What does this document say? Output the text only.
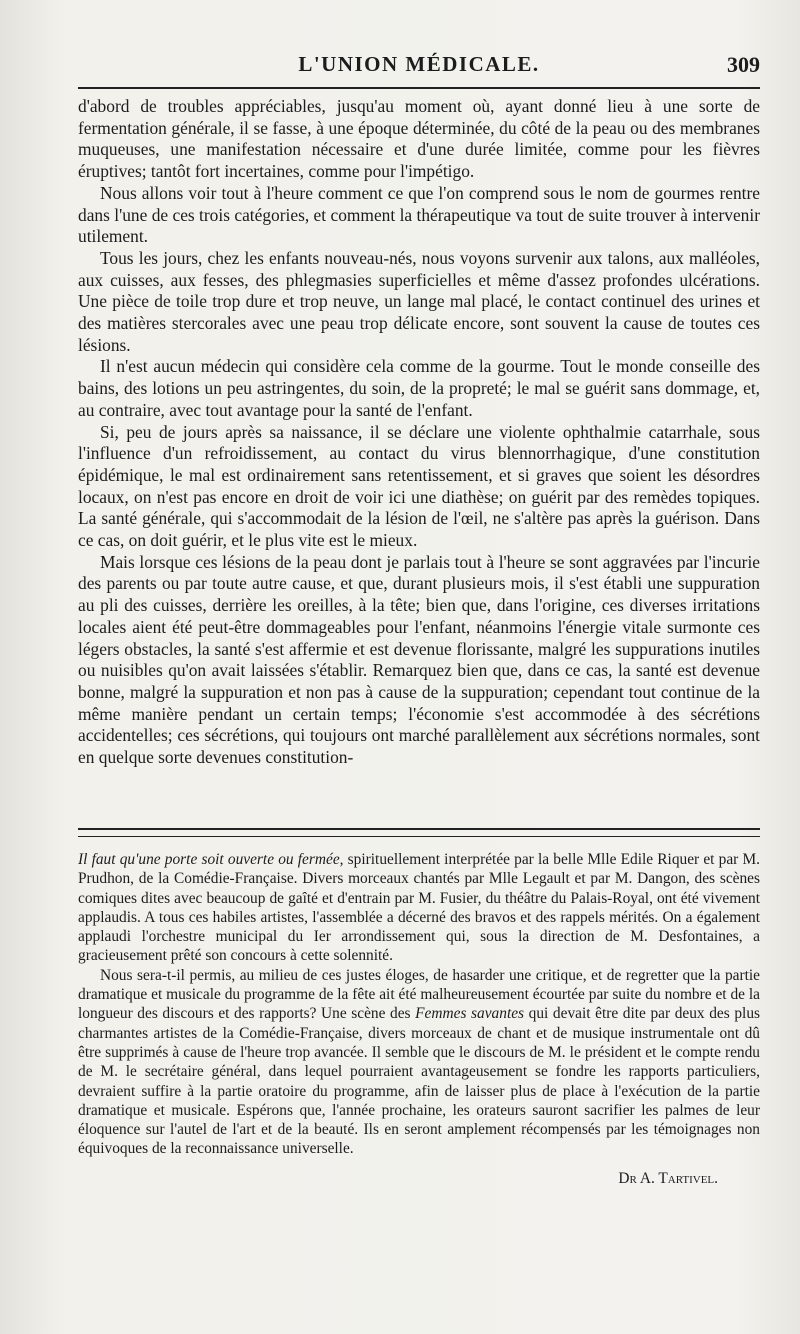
L'UNION MÉDICALE.	309

d'abord de troubles appréciables, jusqu'au moment où, ayant donné lieu à une sorte de fermentation générale, il se fasse, à une époque déterminée, du côté de la peau ou des membranes muqueuses, une manifestation nécessaire et d'une durée limitée, comme pour les fièvres éruptives; tantôt fort incertaines, comme pour l'impétigo.

Nous allons voir tout à l'heure comment ce que l'on comprend sous le nom de gourmes rentre dans l'une de ces trois catégories, et comment la thérapeutique va tout de suite trouver à intervenir utilement.

Tous les jours, chez les enfants nouveau-nés, nous voyons survenir aux talons, aux malléoles, aux cuisses, aux fesses, des phlegmasies superficielles et même d'assez profondes ulcérations. Une pièce de toile trop dure et trop neuve, un lange mal placé, le contact continuel des urines et des matières stercorales avec une peau trop délicate encore, sont souvent la cause de toutes ces lésions.

Il n'est aucun médecin qui considère cela comme de la gourme. Tout le monde conseille des bains, des lotions un peu astringentes, du soin, de la propreté; le mal se guérit sans dommage, et, au contraire, avec tout avantage pour la santé de l'enfant.

Si, peu de jours après sa naissance, il se déclare une violente ophthalmie catarrhale, sous l'influence d'un refroidissement, au contact du virus blennorrhagique, d'une constitution épidémique, le mal est ordinairement sans retentissement, et si graves que soient les désordres locaux, on n'est pas encore en droit de voir ici une diathèse; on guérit par des remèdes topiques. La santé générale, qui s'accommodait de la lésion de l'œil, ne s'altère pas après la guérison. Dans ce cas, on doit guérir, et le plus vite est le mieux.

Mais lorsque ces lésions de la peau dont je parlais tout à l'heure se sont aggravées par l'incurie des parents ou par toute autre cause, et que, durant plusieurs mois, il s'est établi une suppuration au pli des cuisses, derrière les oreilles, à la tête; bien que, dans l'origine, ces diverses irritations locales aient été peut-être dommageables pour l'enfant, néanmoins l'énergie vitale surmonte ces légers obstacles, la santé s'est affermie et est devenue florissante, malgré les suppurations inutiles ou nuisibles qu'on avait laissées s'établir. Remarquez bien que, dans ce cas, la santé est devenue bonne, malgré la suppuration et non pas à cause de la suppuration; cependant tout continue de la même manière pendant un certain temps; l'économie s'est accommodée à des sécrétions accidentelles; ces sécrétions, qui toujours ont marché parallèlement aux sécrétions normales, sont en quelque sorte devenues constitution-

Il faut qu'une porte soit ouverte ou fermée, spirituellement interprétée par la belle Mlle Edile Riquer et par M. Prudhon, de la Comédie-Française. Divers morceaux chantés par Mlle Legault et par M. Dangon, des scènes comiques dites avec beaucoup de gaîté et d'entrain par M. Fusier, du théâtre du Palais-Royal, ont été vivement applaudis. A tous ces habiles artistes, l'assemblée a décerné des bravos et des rappels mérités. On a également applaudi l'orchestre municipal du Ier arrondissement qui, sous la direction de M. Desfontaines, a gracieusement prêté son concours à cette solennité.

Nous sera-t-il permis, au milieu de ces justes éloges, de hasarder une critique, et de regretter que la partie dramatique et musicale du programme de la fête ait été malheureusement écourtée par suite du nombre et de la longueur des discours et des rapports? Une scène des Femmes savantes qui devait être dite par deux des plus charmantes artistes de la Comédie-Française, divers morceaux de chant et de musique instrumentale ont dû être supprimés à cause de l'heure trop avancée. Il semble que le discours de M. le président et le compte rendu de M. le secrétaire général, dans lequel pourraient avantageusement se fondre les rapports particuliers, devraient suffire à la partie oratoire du programme, afin de laisser plus de place à l'exécution de la partie dramatique et musicale. Espérons que, l'année prochaine, les orateurs sauront sacrifier les palmes de leur éloquence sur l'autel de l'art et de la beauté. Ils en seront amplement récompensés par les témoignages non équivoques de la reconnaissance universelle.

Dr A. Tartivel.
